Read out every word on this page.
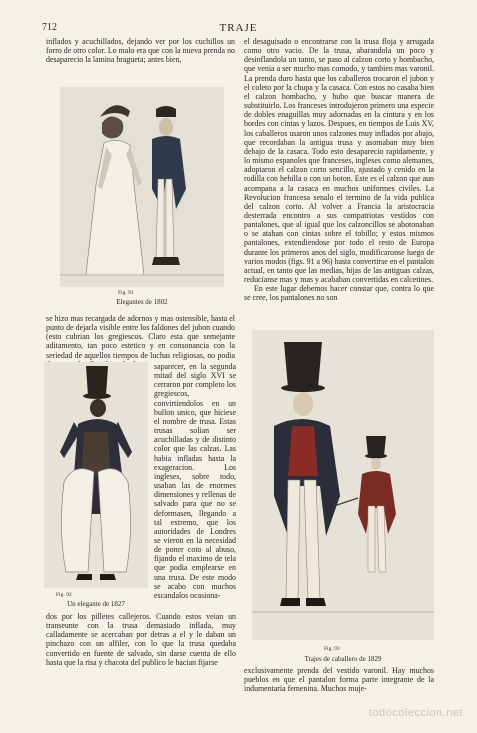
712	TRAJE

inflados y acuchillados, dejando ver por los cuchillos un forro de otro color. Lo malo era que con la nueva prenda no desaparecio la lamina bragueta; antes bien,

Fig. 91
Elegantes de 1802

el desaguisado o encontrarse con la trusa floja y arrugada como otro vacio. De la trusa, abarandola un poco y desinflandola un tanto, se paso al calzon corto y hombacho, que venia a ser mucho mas comodo, y tambien mas varonil. La prenda duro hasta que los caballeros trocaron el jubon y el coleto por la chupa y la casaca. Con estos no casaba bien el calzon hombacho, y hubo que buscar manera de substituirlo. Los franceses introdujeron primero una especie de dobles enaguillas muy adornadas en la cintura y en los bordes con cintas y lazos. Despues, en tiempos de Luis XV, los caballeros usaron unos calzones muy inflados por abajo, que recordaban la antigua trusa y asomaban muy bien debajo de la casaca. Todo esto desaparecio rapidamente, y lo mismo espanoles que franceses, ingleses como alemanes, adoptaron el calzon corto sencillo, ajustado y cenido en la rodilla con hebilla o con un boton. Este es el calzon que aun acompana a la casaca en muchos uniformes civiles. La Revolucion francesa senalo el termino de la vida publica del calzon corto. Al volver a Francia la aristocracia desterrada encontro a sus compatriotas vestidos con pantalones, que al igual que los calzoncillos se abotonaban o se atahan con cintas sobre el tobillo; y estos mismos pantalones, extendiendose por todo el resto de Europa durante los primeros anos del siglo, modificaronse luego de varios modos (figs. 91 a 96) hasta convertirse en el pantalon actual, en tanto que las medias, hijas de las antiguas calzas, reducianse mas y mas y acababan convertidas en calcetines.

En este lugar debemos hacer constar que, contra lo que se cree, los pantalones no son

se hizo mas recargada de adornos y mas ostensible, hasta el punto de dejarla visible entre los faldones del jubon cuando (esto cubrian los gregiescos. Claro esta que semejante aditamento, tan poco estetico y en consonancia con la seriedad de aquellos tiempos de luchas religiosas, no podia

Fig. 92
Un elegante de 1827

saparecer, en la segunda mitad del siglo XVI se cerraron por completo los gregiescos, convirtiendolos en un bullon unico, que hiciese el nombre de trusa. Estas trusas solian ser acuchilladas y de distinto color que las calzas. Las habia infladas hasta la exageracion. Los ingleses, sobre todo, usaban las de enormes dimensiones y rellenas de salvado para que no se deformasen, llegando a tal extremo, que los autoridades de Londres se vieron en la necesidad de poner coto al abuso, fijando el maximo de tela que podia emplearse en una trusa. De este modo se acabo con muchos escandalos ocasiona-

Fig. 93
Trajes de caballero de 1829

dos por los pilletes callejeros. Cuando estos veian un transeunte con la trusa demasiado inflada, muy calladamente se acercaban por detras a el y le daban un pinchazo con un alfiler, con lo que la trusa quedaba convertido en fuente de salvado, sin darse cuenta de ello hasta que la risa y chacota del publico le hacian fijarse

exclusivamente prenda del vestido varonil. Hay muchos pueblos en que el pantalon forma parte integrante de la indumentaria femenina. Muchos muje-

todocoleccion.net
